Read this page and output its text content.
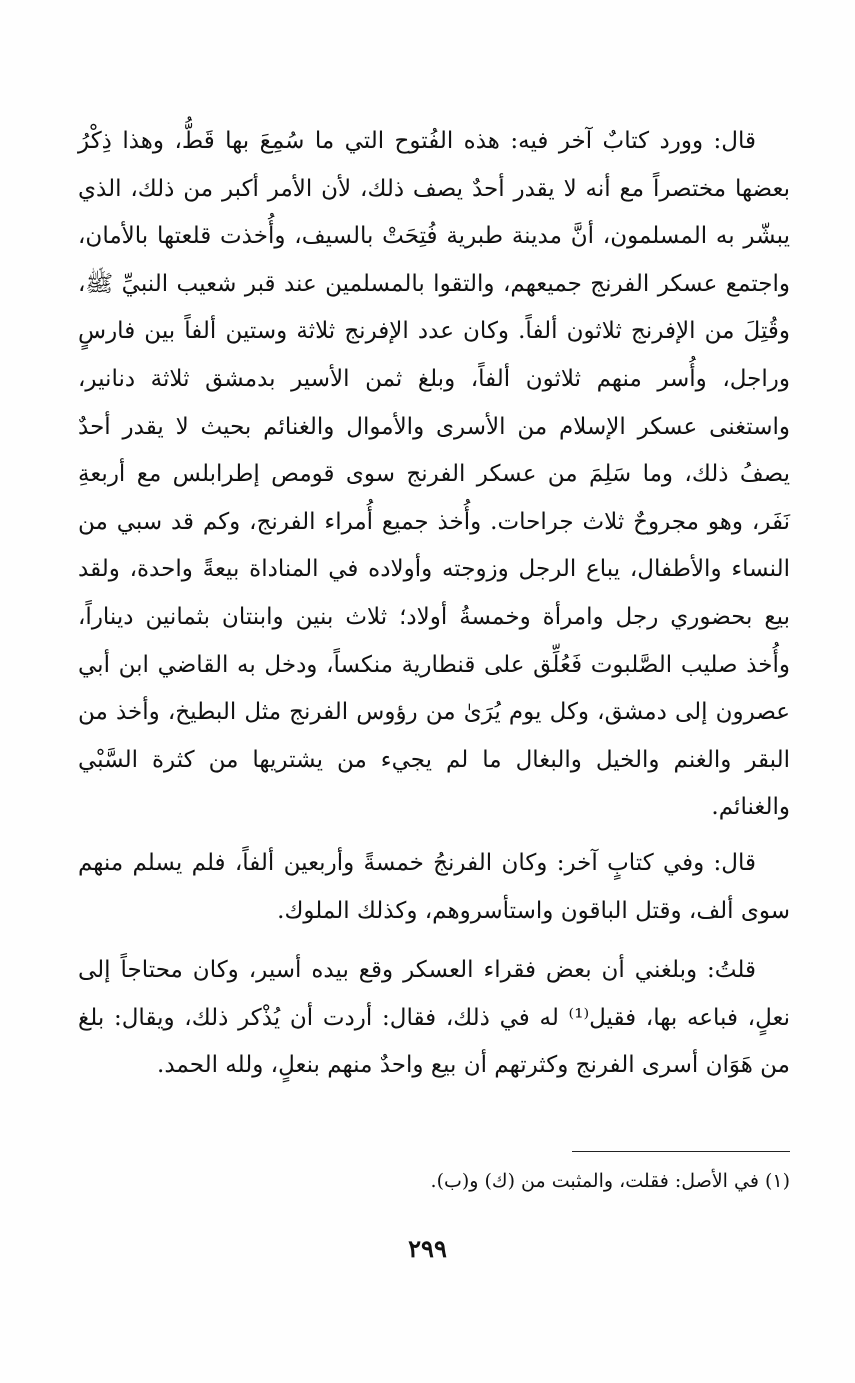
قال: وورد كتابٌ آخر فيه: هذه الفُتوح التي ما سُمِعَ بها قَطُّ، وهذا ذِكْرُ بعضها مختصراً مع أنه لا يقدر أحدٌ يصف ذلك، لأن الأمر أكبر من ذلك، الذي يبشّر به المسلمون، أنَّ مدينة طبرية فُتِحَتْ بالسيف، وأُخذت قلعتها بالأمان، واجتمع عسكر الفرنج جميعهم، والتقوا بالمسلمين عند قبر شعيب النبيِّ ﷺ، وقُتِلَ من الإفرنج ثلاثون ألفاً. وكان عدد الإفرنج ثلاثة وستين ألفاً بين فارسٍ وراجل، وأُسر منهم ثلاثون ألفاً، وبلغ ثمن الأسير بدمشق ثلاثة دنانير، واستغنى عسكر الإسلام من الأسرى والأموال والغنائم بحيث لا يقدر أحدٌ يصفُ ذلك، وما سَلِمَ من عسكر الفرنج سوى قومص إطرابلس مع أربعةِ نَفَر، وهو مجروحٌ ثلاث جراحات. وأُخذ جميع أُمراء الفرنج، وكم قد سبي من النساء والأطفال، يباع الرجل وزوجته وأولاده في المناداة بيعةً واحدة، ولقد بيع بحضوري رجل وامرأة وخمسةُ أولاد؛ ثلاث بنين وابنتان بثمانين ديناراً، وأُخذ صليب الصَّلبوت فَعُلِّق على قنطارية منكساً، ودخل به القاضي ابن أبي عصرون إلى دمشق، وكل يوم يُرَىٰ من رؤوس الفرنج مثل البطيخ، وأخذ من البقر والغنم والخيل والبغال ما لم يجيء من يشتريها من كثرة السَّبْي والغنائم.

قال: وفي كتابٍ آخر: وكان الفرنجُ خمسةً وأربعين ألفاً، فلم يسلم منهم سوى ألف، وقتل الباقون واستأسروهم، وكذلك الملوك.

قلتُ: وبلغني أن بعض فقراء العسكر وقع بيده أسير، وكان محتاجاً إلى نعلٍ، فباعه بها، فقيل⁽¹⁾ له في ذلك، فقال: أردت أن يُذْكر ذلك، ويقال: بلغ من هَوَان أسرى الفرنج وكثرتهم أن بيع واحدٌ منهم بنعلٍ، ولله الحمد.

(١) في الأصل: فقلت، والمثبت من (ك) و(ب).
٢٩٩
